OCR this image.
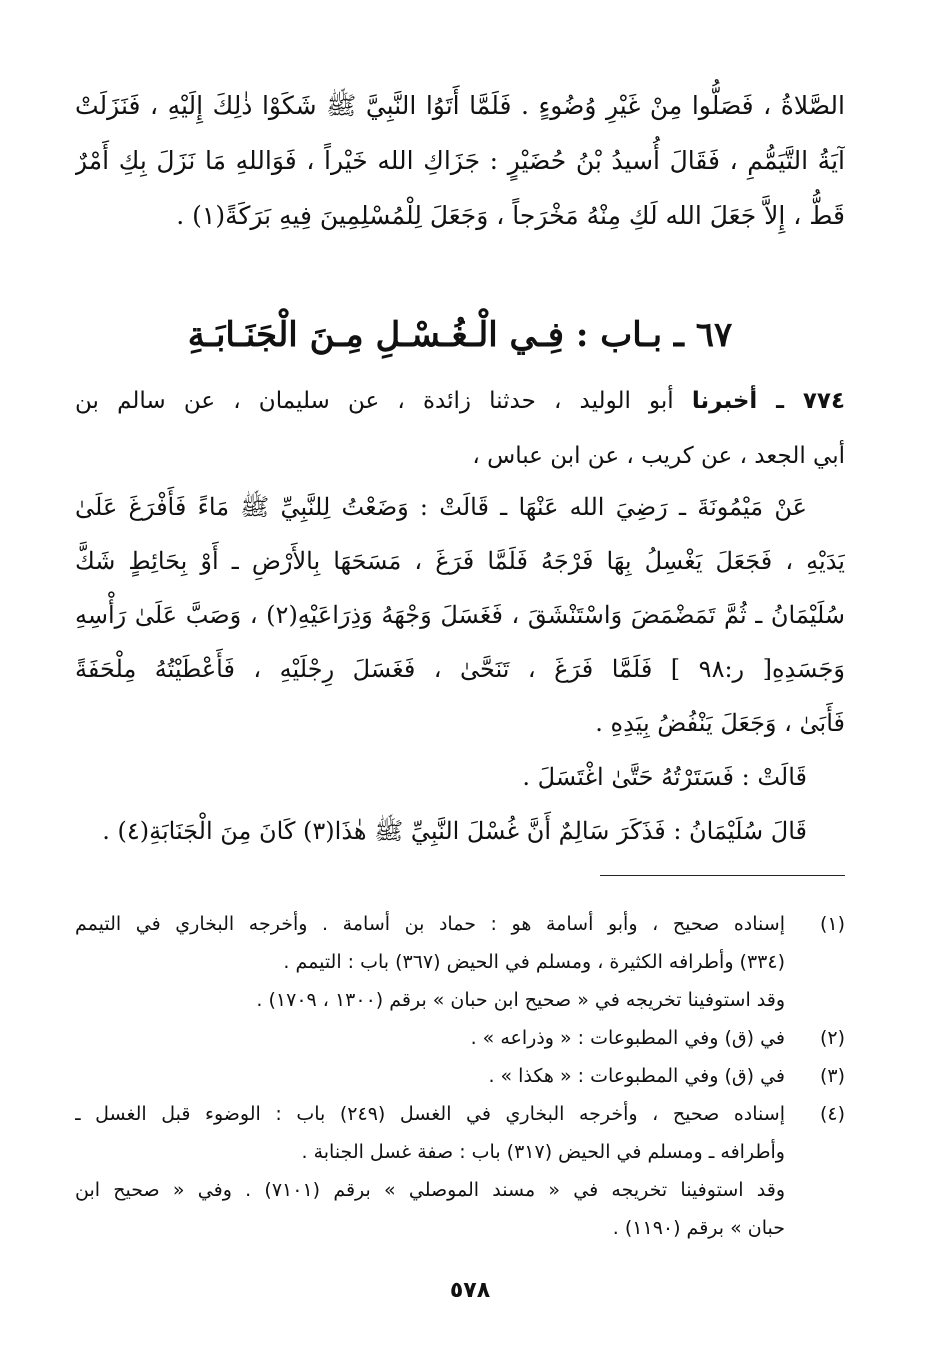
الصَّلاةُ ، فَصَلُّوا مِنْ غَيْرِ وُضُوءٍ . فَلَمَّا أَتَوُا النَّبِيَّ ﷺ شَكَوْا ذٰلِكَ إِلَيْهِ ، فَنَزَلَتْ

آيَةُ التَّيَمُّمِ ، فَقَالَ أُسيدُ بْنُ حُضَيْرٍ : جَزَاكِ الله خَيْراً ، فَوَاللهِ مَا نَزَلَ بِكِ أَمْرٌ

قَطُّ ، إِلاَّ جَعَلَ الله لَكِ مِنْهُ مَخْرَجاً ، وَجَعَلَ لِلْمُسْلِمِينَ فِيهِ بَرَكَةً(١) .

٦٧ ـ بـاب : فِـي الْـغُـسْـلِ مِـنَ الْجَنَـابَـةِ

٧٧٤ ـ أخبرنا أبو الوليد ، حدثنا زائدة ، عن سليمان ، عن سالم بن

أبي الجعد ، عن كريب ، عن ابن عباس ،

عَنْ مَيْمُونَةَ ـ رَضِيَ الله عَنْهَا ـ قَالَتْ : وَضَعْتُ لِلنَّبِيِّ ﷺ مَاءً فَأَفْرَغَ عَلَىٰ

يَدَيْهِ ، فَجَعَلَ يَغْسِلُ بِهَا فَرْجَهُ فَلَمَّا فَرَغَ ، مَسَحَهَا بِالأَرْضِ ـ أَوْ بِحَائِطٍ شَكَّ

سُلَيْمَانُ ـ ثُمَّ تَمَضْمَضَ وَاسْتَنْشَقَ ، فَغَسَلَ وَجْهَهُ وَذِرَاعَيْهِ(٢) ، وَصَبَّ عَلَىٰ رَأْسِهِ

وَجَسَدِهِ[ ر:٩٨ ] فَلَمَّا فَرَغَ ، تَنَحَّىٰ ، فَغَسَلَ رِجْلَيْهِ ، فَأَعْطَيْتُهُ مِلْحَفَةً

فَأَبَىٰ ، وَجَعَلَ يَنْفُضُ بِيَدِهِ .

قَالَتْ : فَسَتَرْتُهُ حَتَّىٰ اغْتَسَلَ .

قَالَ سُلَيْمَانُ : فَذَكَرَ سَالِمٌ أَنَّ غُسْلَ النَّبِيِّ ﷺ هٰذَا(٣) كَانَ مِنَ الْجَنَابَةِ(٤) .

(١)

إسناده صحيح ، وأبو أسامة هو : حماد بن أسامة . وأخرجه البخاري في التيمم

(٣٣٤) وأطرافه الكثيرة ، ومسلم في الحيض (٣٦٧) باب : التيمم .

وقد استوفينا تخريجه في « صحيح ابن حبان » برقم (١٣٠٠ ، ١٧٠٩) .

(٢)

في (ق) وفي المطبوعات : « وذراعه » .

(٣)

في (ق) وفي المطبوعات : « هكذا » .

(٤)

إسناده صحيح ، وأخرجه البخاري في الغسل (٢٤٩) باب : الوضوء قبل الغسل ـ

وأطرافه ـ ومسلم في الحيض (٣١٧) باب : صفة غسل الجنابة .

وقد استوفينا تخريجه في « مسند الموصلي » برقم (٧١٠١) . وفي « صحيح ابن

حبان » برقم (١١٩٠) .

٥٧٨
